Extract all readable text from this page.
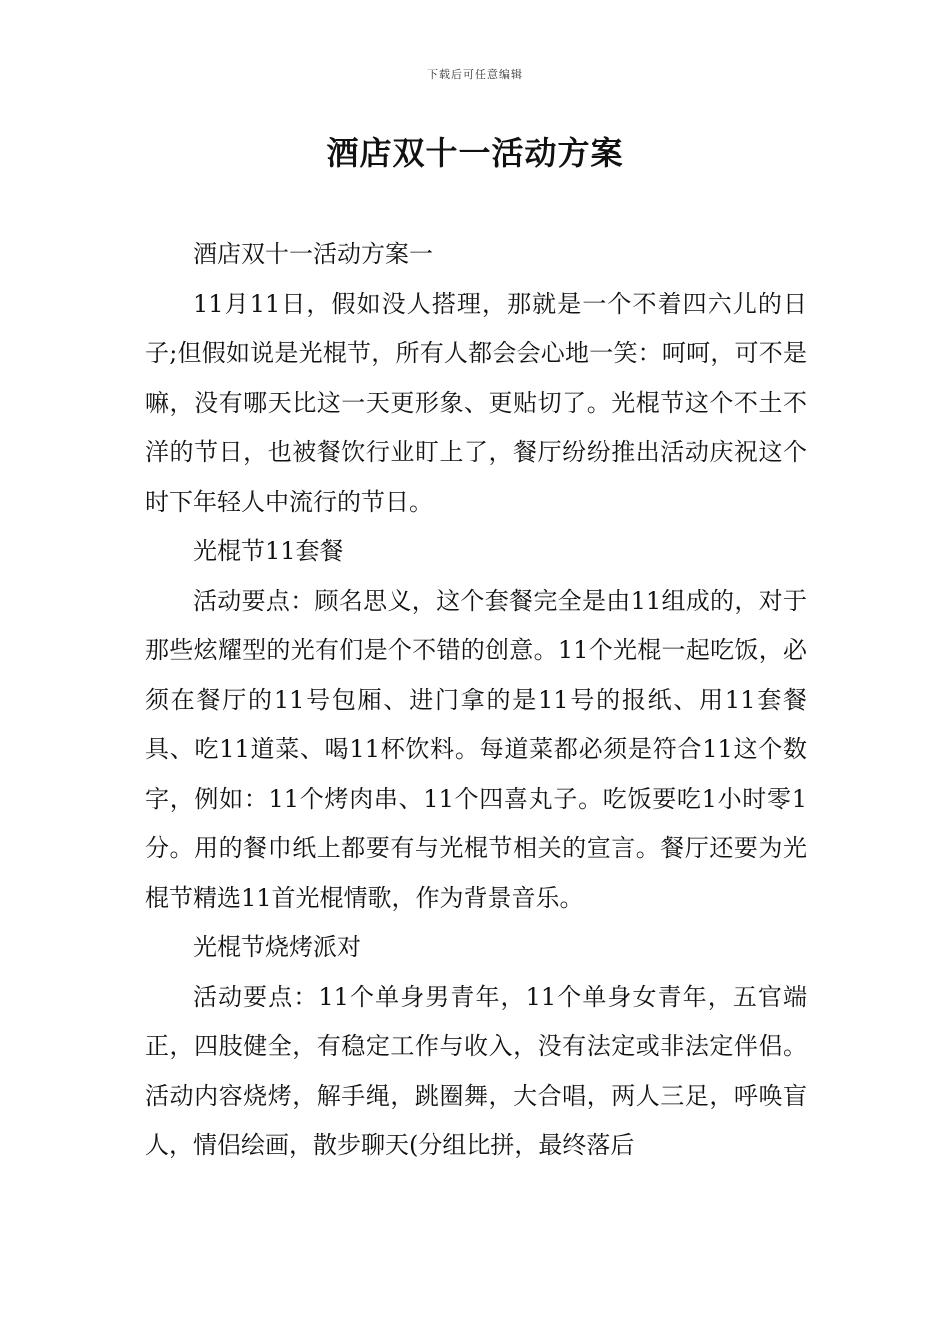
下载后可任意编辑
酒店双十一活动方案

酒店双十一活动方案一

11月11日，假如没人搭理，那就是一个不着四六儿的日子;但假如说是光棍节，所有人都会会心地一笑：呵呵，可不是嘛，没有哪天比这一天更形象、更贴切了。光棍节这个不土不洋的节日，也被餐饮行业盯上了，餐厅纷纷推出活动庆祝这个时下年轻人中流行的节日。

光棍节11套餐

活动要点：顾名思义，这个套餐完全是由11组成的，对于那些炫耀型的光有们是个不错的创意。11个光棍一起吃饭，必须在餐厅的11号包厢、进门拿的是11号的报纸、用11套餐具、吃11道菜、喝11杯饮料。每道菜都必须是符合11这个数字，例如：11个烤肉串、11个四喜丸子。吃饭要吃1小时零1分。用的餐巾纸上都要有与光棍节相关的宣言。餐厅还要为光棍节精选11首光棍情歌，作为背景音乐。

光棍节烧烤派对

活动要点：11个单身男青年，11个单身女青年，五官端正，四肢健全，有稳定工作与收入，没有法定或非法定伴侣。活动内容烧烤，解手绳，跳圈舞，大合唱，两人三足，呼唤盲人，情侣绘画，散步聊天(分组比拼，最终落后
